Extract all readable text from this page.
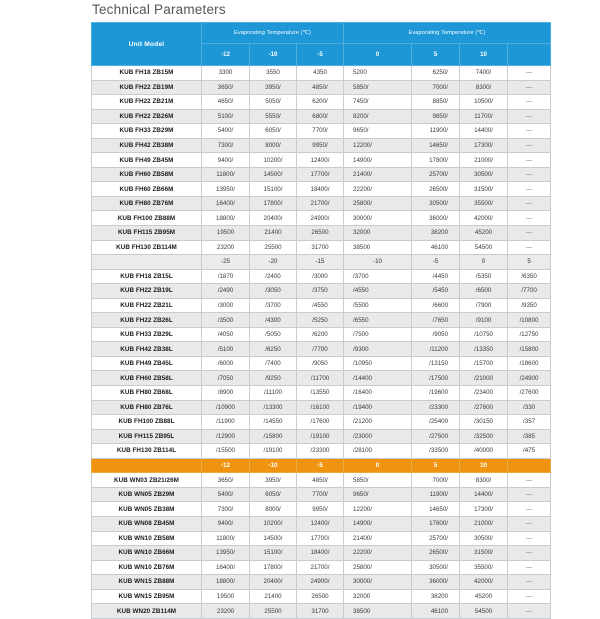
Technical Parameters
Unit Model	Evaporating Temperature (℃)			Evaporating Temperature (℃)			
	-12	-10	-5	0	5	10	
KUB FH18 ZB15M	3300	3550	4350	5200	6250/	7400/	—
KUB FH22 ZB19M	3650/	3950/	4850/	5850/	7000/	8300/	—
KUB FH22 ZB21M	4650/	5050/	6200/	7450/	8850/	10500/	—
KUB FH22 ZB26M	5100/	5550/	6800/	8200/	9850/	11700/	—
KUB FH33 ZB29M	5400/	6050/	7700/	9650/	11900/	14400/	—
KUB FH42 ZB38M	7300/	8000/	9950/	12200/	14650/	17300/	—
KUB FH49 ZB45M	9400/	10200/	12400/	14900/	17800/	21000/	—
KUB FH60 ZB58M	11800/	14500/	17700/	21400/	25700/	30500/	—
KUB FH60 ZB66M	13950/	15100/	18400/	22200/	26500/	31500/	—
KUB FH80 ZB76M	16400/	17800/	21700/	25800/	30500/	35500/	—
KUB FH100 ZB88M	18800/	20400/	24900/	30000/	36000/	42000/	—
KUB FH115 ZB95M	19500	21400	26500	32000	38200	45200	—
KUB FH130 ZB114M	23200	25500	31700	38500	46100	54500	—
	-25	-20	-15	-10	-5	0	5
KUB FH18 ZB15L	/1870	/2400	/3000	/3700	/4450	/5350	/6350
KUB FH22 ZB19L	/2490	/3050	/3750	/4550	/5450	/6500	/7700
KUB FH22 ZB21L	/3000	/3700	/4550	/5500	/6600	/7900	/9350
KUB FH22 ZB26L	/3500	/4300	/5250	/6550	/7650	/9100	/10800
KUB FH33 ZB29L	/4050	/5050	/6200	/7500	/9050	/10750	/12750
KUB FH42 ZB38L	/5100	/6250	/7700	/9300	/11200	/13350	/15800
KUB FH49 ZB45L	/6000	/7400	/9050	/10950	/13150	/15700	/18600
KUB FH60 ZB58L	/7050	/9250	/11700	/14400	/17500	/21000	/24900
KUB FH80 ZB68L	/8900	/11100	/13550	/16400	/19600	/23400	/27600
KUB FH80 ZB76L	/10900	/13300	/16100	/19400	/23300	/27800	/330
KUB FH100 ZB88L	/11900	/14550	/17600	/21200	/25400	/30150	/357
KUB FH115 ZB95L	/12900	/15800	/19100	/23000	/27500	/32500	/385
KUB FH130 ZB114L	/15500	/19100	/23300	/28100	/33500	/40000	/475
	-12	-10	-5	0	5	10	
KUB WN03 ZB21/26M	3650/	3950/	4850/	5850/	7000/	8300/	—
KUB WN05 ZB29M	5400/	6050/	7700/	9650/	11900/	14400/	—
KUB WN05 ZB38M	7300/	8000/	9950/	12200/	14650/	17300/	—
KUB WN08 ZB45M	9400/	10200/	12400/	14900/	17800/	21000/	—
KUB WN10 ZB58M	11800/	14500/	17700/	21400/	25700/	30500/	—
KUB WN10 ZB66M	13950/	15100/	18400/	22200/	26500/	31500/	—
KUB WN10 ZB76M	16400/	17800/	21700/	25800/	30500/	35500/	—
KUB WN15 ZB88M	18800/	20400/	24900/	30000/	36000/	42000/	—
KUB WN15 ZB95M	19500	21400	26500	32000	38200	45200	—
KUB WN20 ZB114M	23200	25500	31700	38500	46100	54500	—
